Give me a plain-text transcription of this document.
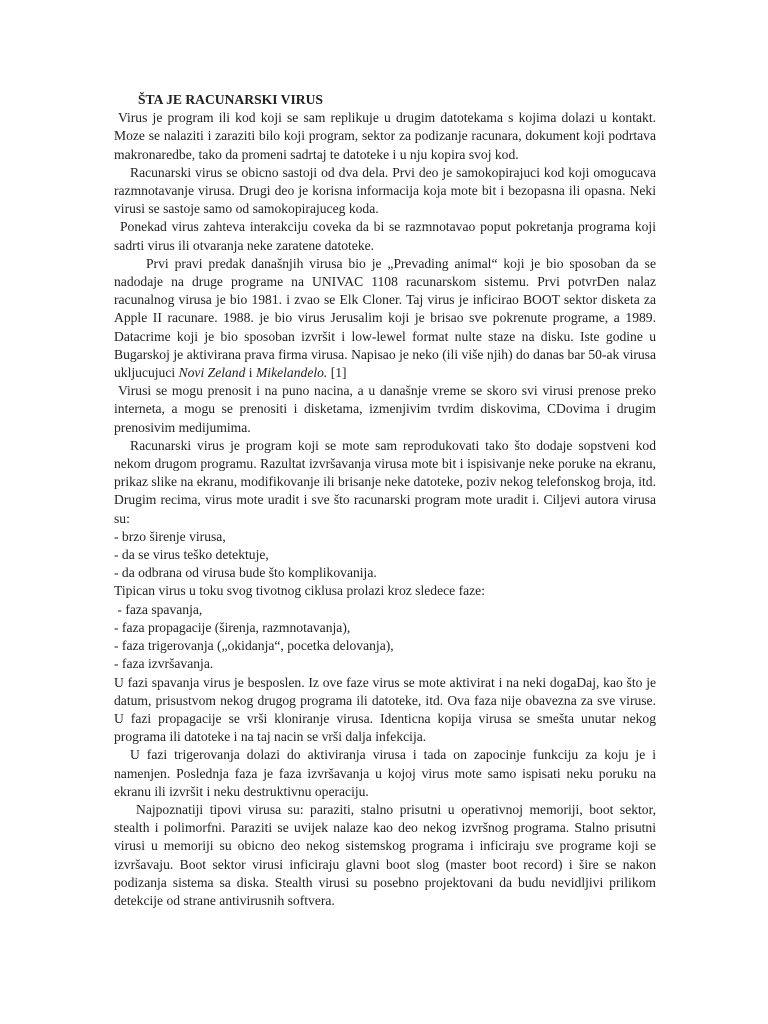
ŠTA JE RACUNARSKI VIRUS

Virus je program ili kod koji se sam replikuje u drugim datotekama s kojima dolazi u kontakt. Moze se nalaziti i zaraziti bilo koji program, sektor za podizanje racunara, dokument koji podrtava makronaredbe, tako da promeni sadrtaj te datoteke i u nju kopira svoj kod.

Racunarski virus se obicno sastoji od dva dela. Prvi deo je samokopirajuci kod koji omogucava razmnotavanje virusa. Drugi deo je korisna informacija koja mote bit i bezopasna ili opasna. Neki virusi se sastoje samo od samokopirajuceg koda.

Ponekad virus zahteva interakciju coveka da bi se razmnotavao poput pokretanja programa koji sadrti virus ili otvaranja neke zaratene datoteke.

Prvi pravi predak današnjih virusa bio je „Prevading animal“ koji je bio sposoban da se nadodaje na druge programe na UNIVAC 1108 racunarskom sistemu. Prvi potvrDen nalaz racunalnog virusa je bio 1981. i zvao se Elk Cloner. Taj virus je inficirao BOOT sektor disketa za Apple II racunare. 1988. je bio virus Jerusalim koji je brisao sve pokrenute programe, a 1989. Datacrime koji je bio sposoban izvršit i low-lewel format nulte staze na disku. Iste godine u Bugarskoj je aktivirana prava firma virusa. Napisao je neko (ili više njih) do danas bar 50-ak virusa ukljucujuci Novi Zeland i Mikelandelo. [1]

Virusi se mogu prenosit i na puno nacina, a u današnje vreme se skoro svi virusi prenose preko interneta, a mogu se prenositi i disketama, izmenjivim tvrdim diskovima, CDovima i drugim prenosivim medijumima.

Racunarski virus je program koji se mote sam reprodukovati tako što dodaje sopstveni kod nekom drugom programu. Razultat izvršavanja virusa mote bit i ispisivanje neke poruke na ekranu, prikaz slike na ekranu, modifikovanje ili brisanje neke datoteke, poziv nekog telefonskog broja, itd. Drugim recima, virus mote uradit i sve što racunarski program mote uradit i. Ciljevi autora virusa su:

- brzo širenje virusa,

- da se virus teško detektuje,

- da odbrana od virusa bude što komplikovanija.

Tipican virus u toku svog tivotnog ciklusa prolazi kroz sledece faze:

- faza spavanja,

- faza propagacije (širenja, razmnotavanja),

- faza trigerovanja („okidanja“, pocetka delovanja),

- faza izvršavanja.

U fazi spavanja virus je besposlen. Iz ove faze virus se mote aktivirat i na neki dogaDaj, kao što je datum, prisustvom nekog drugog programa ili datoteke, itd. Ova faza nije obavezna za sve viruse. U fazi propagacije se vrši kloniranje virusa. Identicna kopija virusa se smešta unutar nekog programa ili datoteke i na taj nacin se vrši dalja infekcija.

U fazi trigerovanja dolazi do aktiviranja virusa i tada on zapocinje funkciju za koju je i namenjen. Poslednja faza je faza izvršavanja u kojoj virus mote samo ispisati neku poruku na ekranu ili izvršit i neku destruktivnu operaciju.

Najpoznatiji tipovi virusa su: paraziti, stalno prisutni u operativnoj memoriji, boot sektor, stealth i polimorfni. Paraziti se uvijek nalaze kao deo nekog izvršnog programa. Stalno prisutni virusi u memoriji su obicno deo nekog sistemskog programa i inficiraju sve programe koji se izvršavaju. Boot sektor virusi inficiraju glavni boot slog (master boot record) i šire se nakon podizanja sistema sa diska. Stealth virusi su posebno projektovani da budu nevidljivi prilikom detekcije od strane antivirusnih softvera.
